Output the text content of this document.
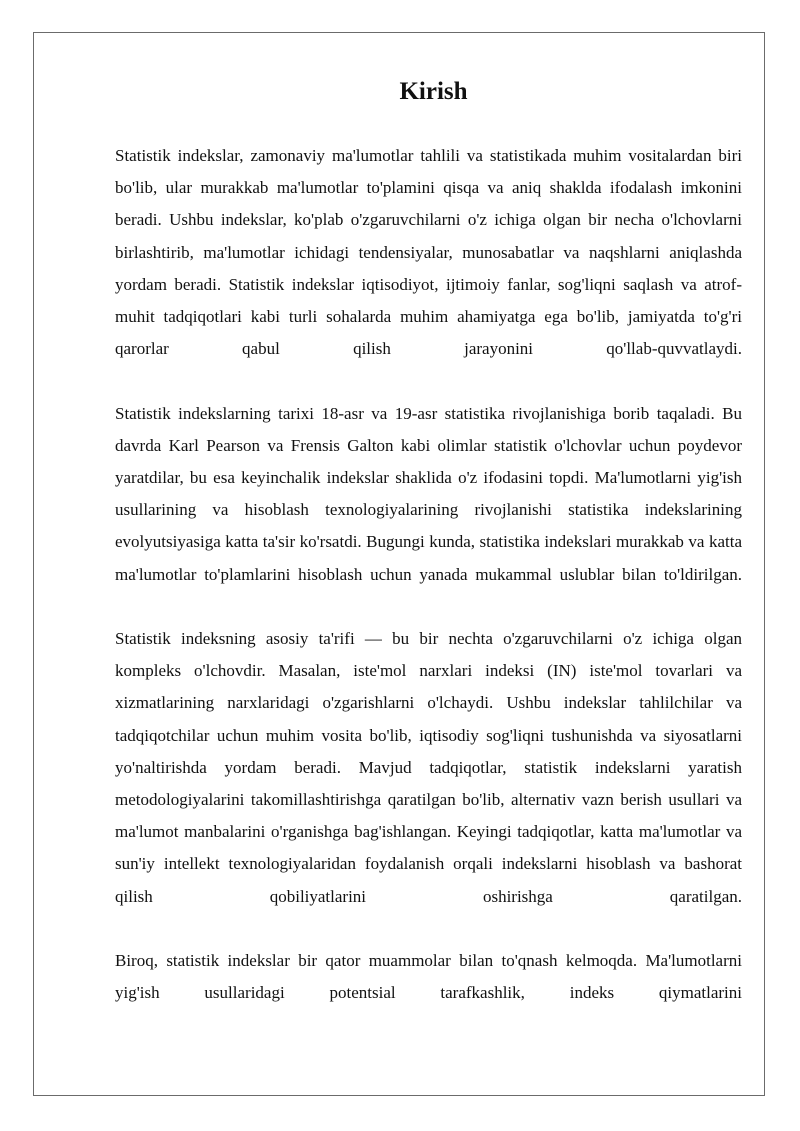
Kirish

Statistik indekslar, zamonaviy ma'lumotlar tahlili va statistikada muhim vositalardan biri bo'lib, ular murakkab ma'lumotlar to'plamini qisqa va aniq shaklda ifodalash imkonini beradi. Ushbu indekslar, ko'plab o'zgaruvchilarni o'z ichiga olgan bir necha o'lchovlarni birlashtirib, ma'lumotlar ichidagi tendensiyalar, munosabatlar va naqshlarni aniqlashda yordam beradi. Statistik indekslar iqtisodiyot, ijtimoiy fanlar, sog'liqni saqlash va atrof-muhit tadqiqotlari kabi turli sohalarda muhim ahamiyatga ega bo'lib, jamiyatda to'g'ri qarorlar qabul qilish jarayonini qo'llab-quvvatlaydi.

Statistik indekslarning tarixi 18-asr va 19-asr statistika rivojlanishiga borib taqaladi. Bu davrda Karl Pearson va Frensis Galton kabi olimlar statistik o'lchovlar uchun poydevor yaratdilar, bu esa keyinchalik indekslar shaklida o'z ifodasini topdi. Ma'lumotlarni yig'ish usullarining va hisoblash texnologiyalarining rivojlanishi statistika indekslarining evolyutsiyasiga katta ta'sir ko'rsatdi. Bugungi kunda, statistika indekslari murakkab va katta ma'lumotlar to'plamlarini hisoblash uchun yanada mukammal uslublar bilan to'ldirilgan.

Statistik indeksning asosiy ta'rifi — bu bir nechta o'zgaruvchilarni o'z ichiga olgan kompleks o'lchovdir. Masalan, iste'mol narxlari indeksi (IN) iste'mol tovarlari va xizmatlarining narxlaridagi o'zgarishlarni o'lchaydi. Ushbu indekslar tahlilchilar va tadqiqotchilar uchun muhim vosita bo'lib, iqtisodiy sog'liqni tushunishda va siyosatlarni yo'naltirishda yordam beradi. Mavjud tadqiqotlar, statistik indekslarni yaratish metodologiyalarini takomillashtirishga qaratilgan bo'lib, alternativ vazn berish usullari va ma'lumot manbalarini o'rganishga bag'ishlangan. Keyingi tadqiqotlar, katta ma'lumotlar va sun'iy intellekt texnologiyalaridan foydalanish orqali indekslarni hisoblash va bashorat qilish qobiliyatlarini oshirishga qaratilgan.

Biroq, statistik indekslar bir qator muammolar bilan to'qnash kelmoqda. Ma'lumotlarni yig'ish usullaridagi potentsial tarafkashlik, indeks qiymatlarini
